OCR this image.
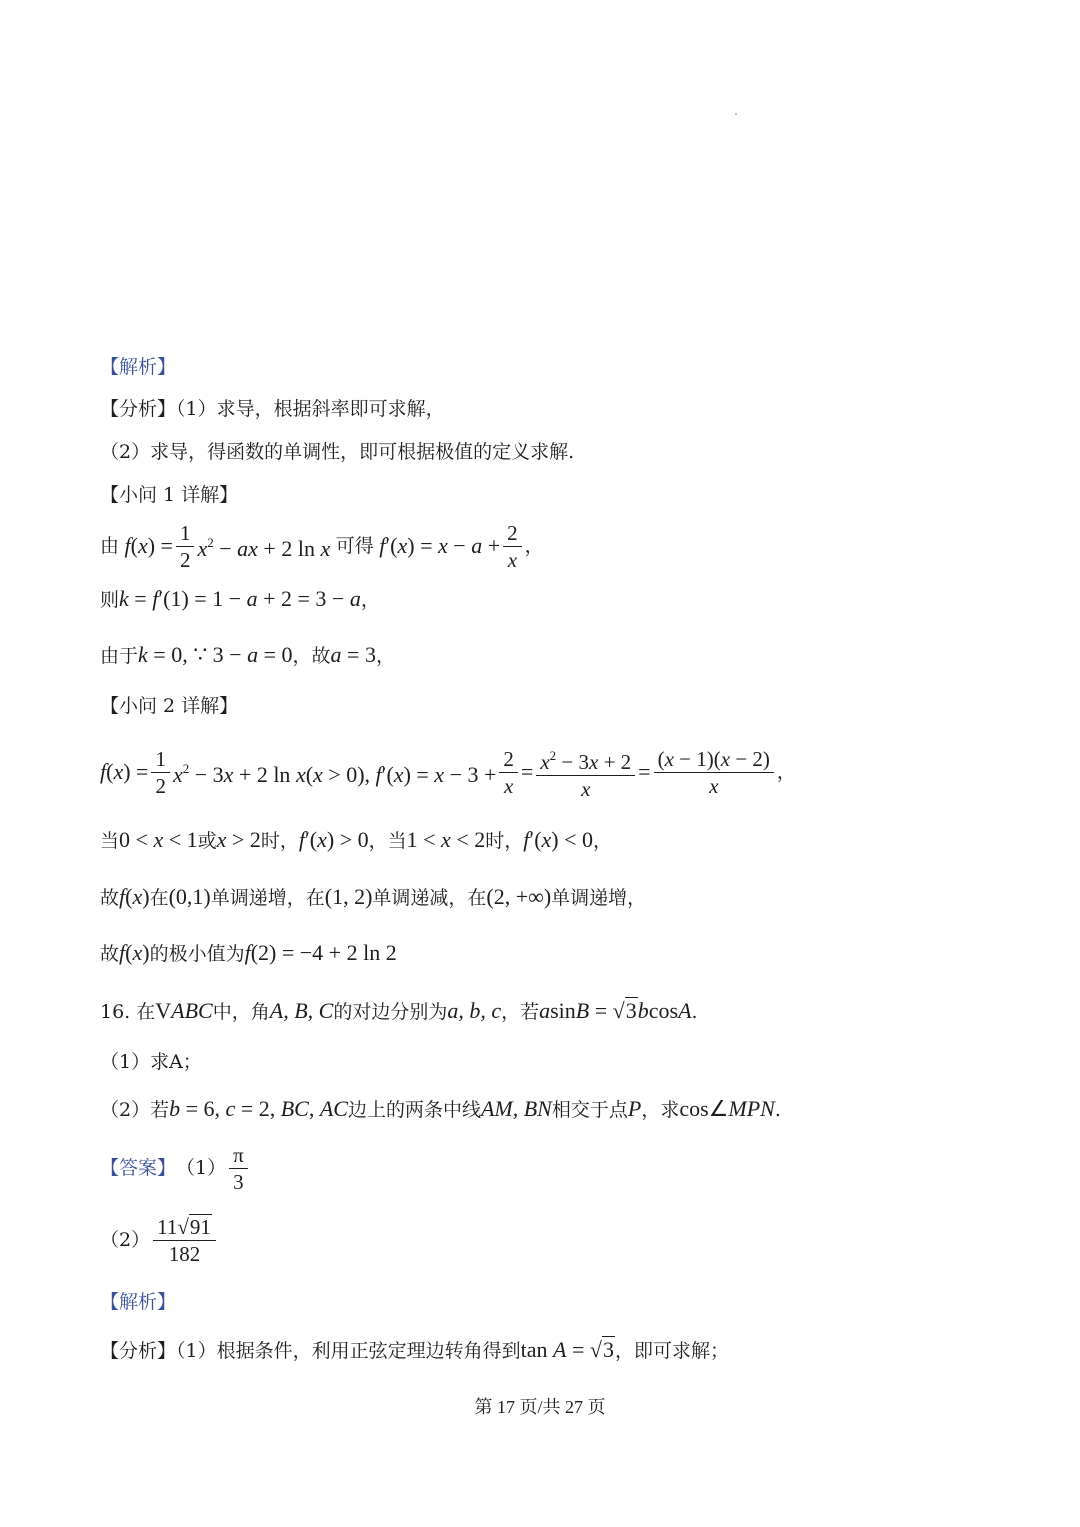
【解析】
【分析】（1）求导，根据斜率即可求解，
（2）求导，得函数的单调性，即可根据极值的定义求解.
【小问 1 详解】
由 $f(x) = \frac{1}{2} x^2$ − ax + 2 ln x 可得 $f'(x) = x - a + \frac{2}{x}$ ，
则k = f′(1) = 1 − a + 2 = 3 − a，
由于k = 0, ∵ 3 − a = 0，故a = 3，
【小问 2 详解】
$f(x) = \frac{1}{2} x^2 - 3x + 2$ ln x(x > 0), $f'(x) = x - 3 + \frac{2}{x} = \frac{x^2 - 3x + 2}{x} = \frac{(x - 1)(x - 2)}{x}$ ，
当0 < x < 1或x > 2时，f′(x) > 0，当1 < x < 2时，f′(x) < 0，
故f(x)在(0,1)单调递增，在(1, 2)单调递减，在(2, +∞)单调递增，
故f(x)的极小值为f(2) = −4 + 2 ln 2
16. 在VABC中，角A, B, C的对边分别为a, b, c，若asinB = √3bcosA.
（1）求A；
（2）若b = 6, c = 2, BC, AC边上的两条中线AM, BN相交于点P，求cos∠MPN.
【答案】 $(1) \frac{\pi}{3}$
$(2) \frac{11√91}{182}$
【解析】
【分析】（1）根据条件，利用正弦定理边转角得到tan A = √3，即可求解；
第 17 页/共 27 页
